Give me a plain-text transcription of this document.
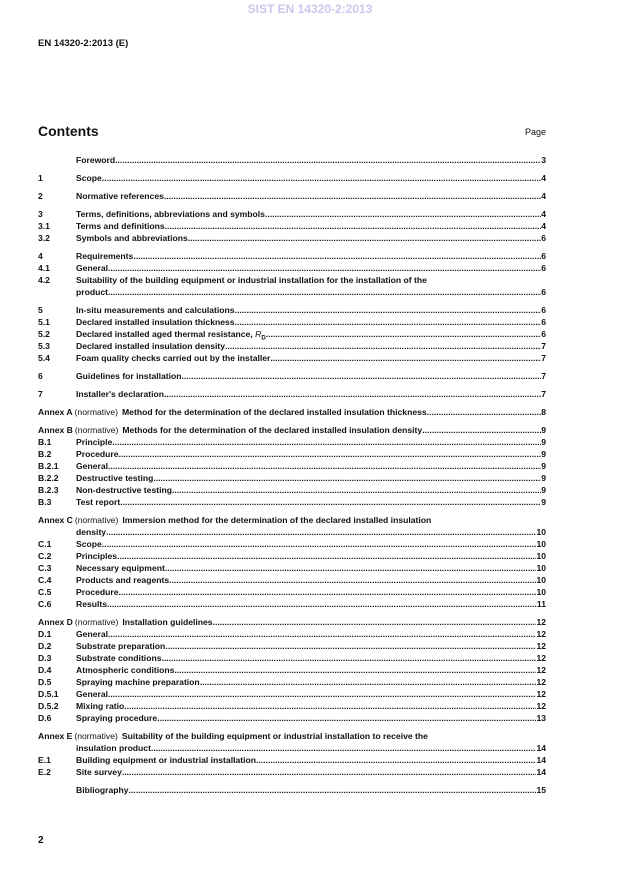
SIST EN 14320-2:2013
EN 14320-2:2013 (E)
Contents	Page
Foreword .....	3
1	Scope .....	4
2	Normative references .....	4
3	Terms, definitions, abbreviations and symbols .....	4
3.1	Terms and definitions .....	4
3.2	Symbols and abbreviations .....	6
4	Requirements .....	6
4.1	General .....	6
4.2	Suitability of the building equipment or industrial installation for the installation of the
product .....	6
5	In-situ measurements and calculations .....	6
5.1	Declared installed insulation thickness .....	6
5.2	Declared installed aged thermal resistance, $R_D$ .....	6
5.3	Declared installed insulation density .....	7
5.4	Foam quality checks carried out by the installer .....	7
6	Guidelines for installation .....	7
7	Installer's declaration .....	7
Annex A (normative) Method for the determination of the declared installed insulation thickness .....	8
Annex B (normative) Methods for the determination of the declared installed insulation density .....	9
B.1	Principle .....	9
B.2	Procedure .....	9
B.2.1	General .....	9
B.2.2	Destructive testing .....	9
B.2.3	Non-destructive testing .....	9
B.3	Test report .....	9
Annex C (normative) Immersion method for the determination of the declared installed insulation
density .....	10
C.1	Scope .....	10
C.2	Principles .....	10
C.3	Necessary equipment .....	10
C.4	Products and reagents .....	10
C.5	Procedure .....	10
C.6	Results .....	11
Annex D (normative) Installation guidelines .....	12
D.1	General .....	12
D.2	Substrate preparation .....	12
D.3	Substrate conditions .....	12
D.4	Atmospheric conditions .....	12
D.5	Spraying machine preparation .....	12
D.5.1	General .....	12
D.5.2	Mixing ratio .....	12
D.6	Spraying procedure .....	13
Annex E (normative) Suitability of the building equipment or industrial installation to receive the
insulation product .....	14
E.1	Building equipment or industrial installation .....	14
E.2	Site survey .....	14
Bibliography .....	15
2
